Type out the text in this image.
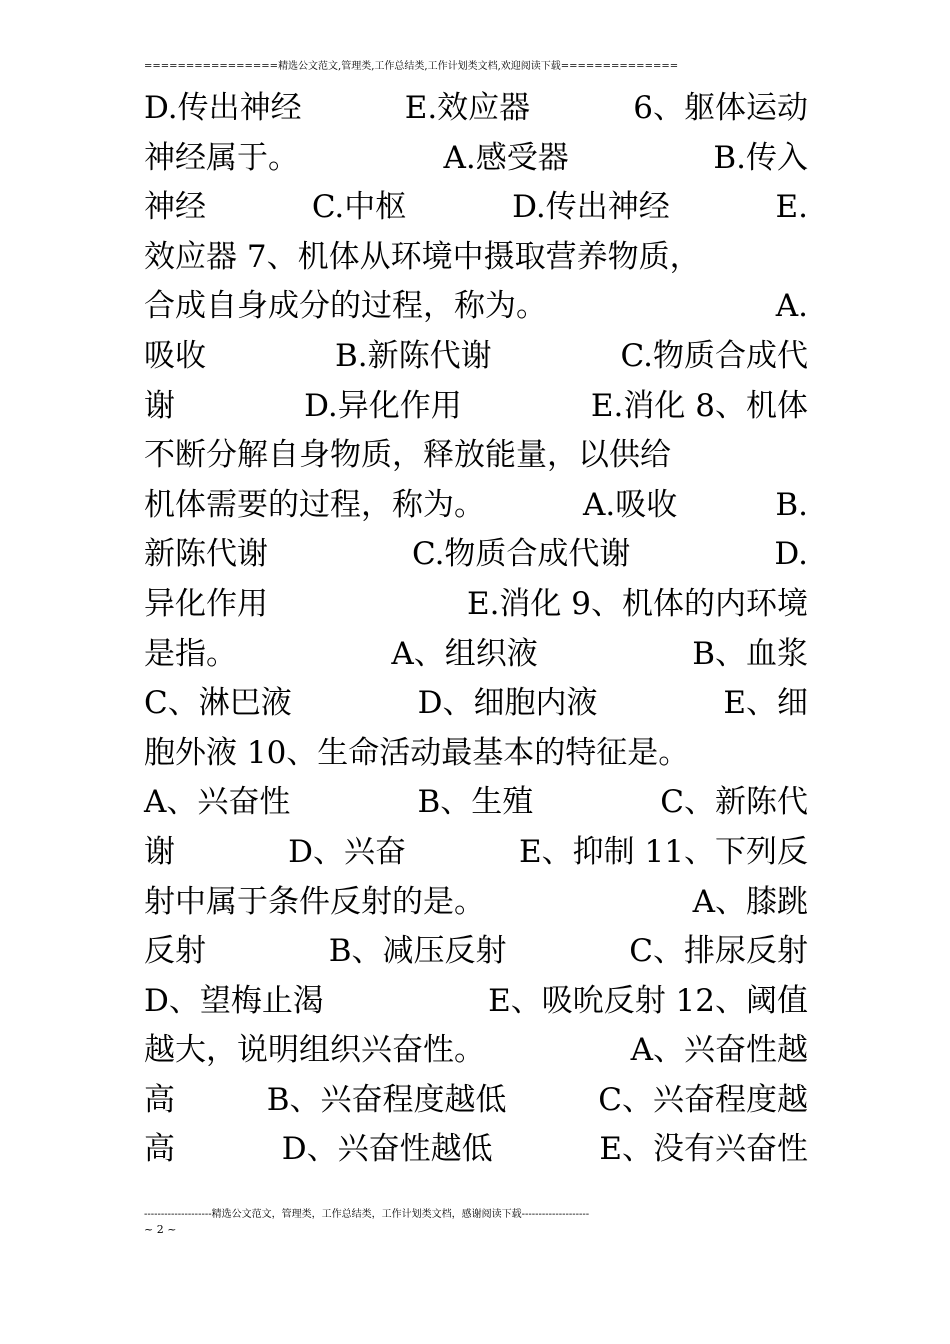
================精选公文范文,管理类,工作总结类,工作计划类文档,欢迎阅读下载==============
D.传出神经	E.效应器	6、躯体运动
神经属于。	A.感受器	B.传入
神经	C.中枢	D.传出神经	E.
效应器 7、机体从环境中摄取营养物质，
合成自身成分的过程，称为。	A.
吸收	B.新陈代谢	C.物质合成代
谢	D.异化作用	E.消化 8、机体
不断分解自身物质，释放能量，以供给
机体需要的过程，称为。	A.吸收	B.
新陈代谢	C.物质合成代谢	D.
异化作用	E.消化 9、机体的内环境
是指。	A、组织液	B、血浆
C、淋巴液	D、细胞内液	E、细
胞外液 10、生命活动最基本的特征是。
A、兴奋性	B、生殖	C、新陈代
谢	D、兴奋	E、抑制 11、下列反
射中属于条件反射的是。	A、膝跳
反射	B、减压反射	C、排尿反射
D、望梅止渴	E、吸吮反射 12、阈值
越大，说明组织兴奋性。	A、兴奋性越
高	B、兴奋程度越低	C、兴奋程度越
高	D、兴奋性越低	E、没有兴奋性
--------------------精选公文范文，管理类，工作总结类，工作计划类文档，感谢阅读下载--------------------
~ 2 ~
